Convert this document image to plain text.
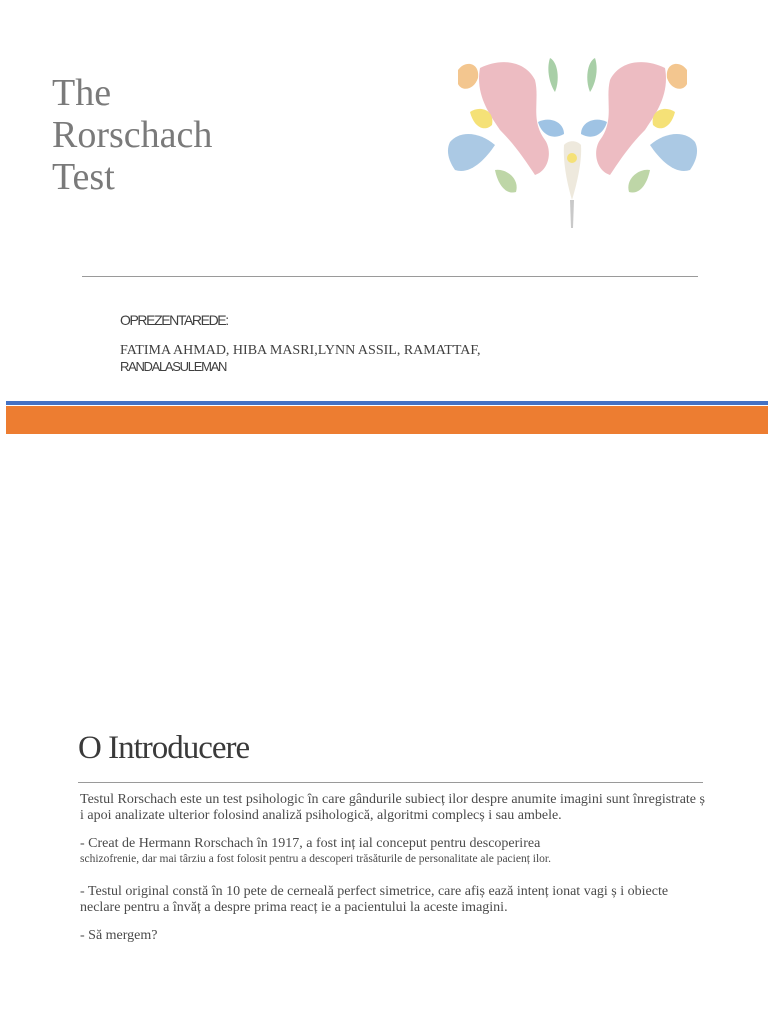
The
Rorschach
Test
OPREZENTAREDE:
FATIMA AHMAD, HIBA MASRI,LYNN ASSIL, RAMATTAF,
RANDALASULEMAN
O Introducere

Testul Rorschach este un test psihologic în care gândurile subiecț ilor despre anumite imagini sunt înregistrate ș i apoi analizate ulterior folosind analiză psihologică, algoritmi complecș i sau ambele.

- Creat de Hermann Rorschach în 1917, a fost inț ial conceput pentru descoperirea
schizofrenie, dar mai târziu a fost folosit pentru a descoperi trăsăturile de personalitate ale pacienț ilor.

- Testul original constă în 10 pete de cerneală perfect simetrice, care afiș ează intenț ionat vagi ș i obiecte neclare pentru a învăț a despre prima reacț ie a pacientului la aceste imagini.

- Să mergem?
